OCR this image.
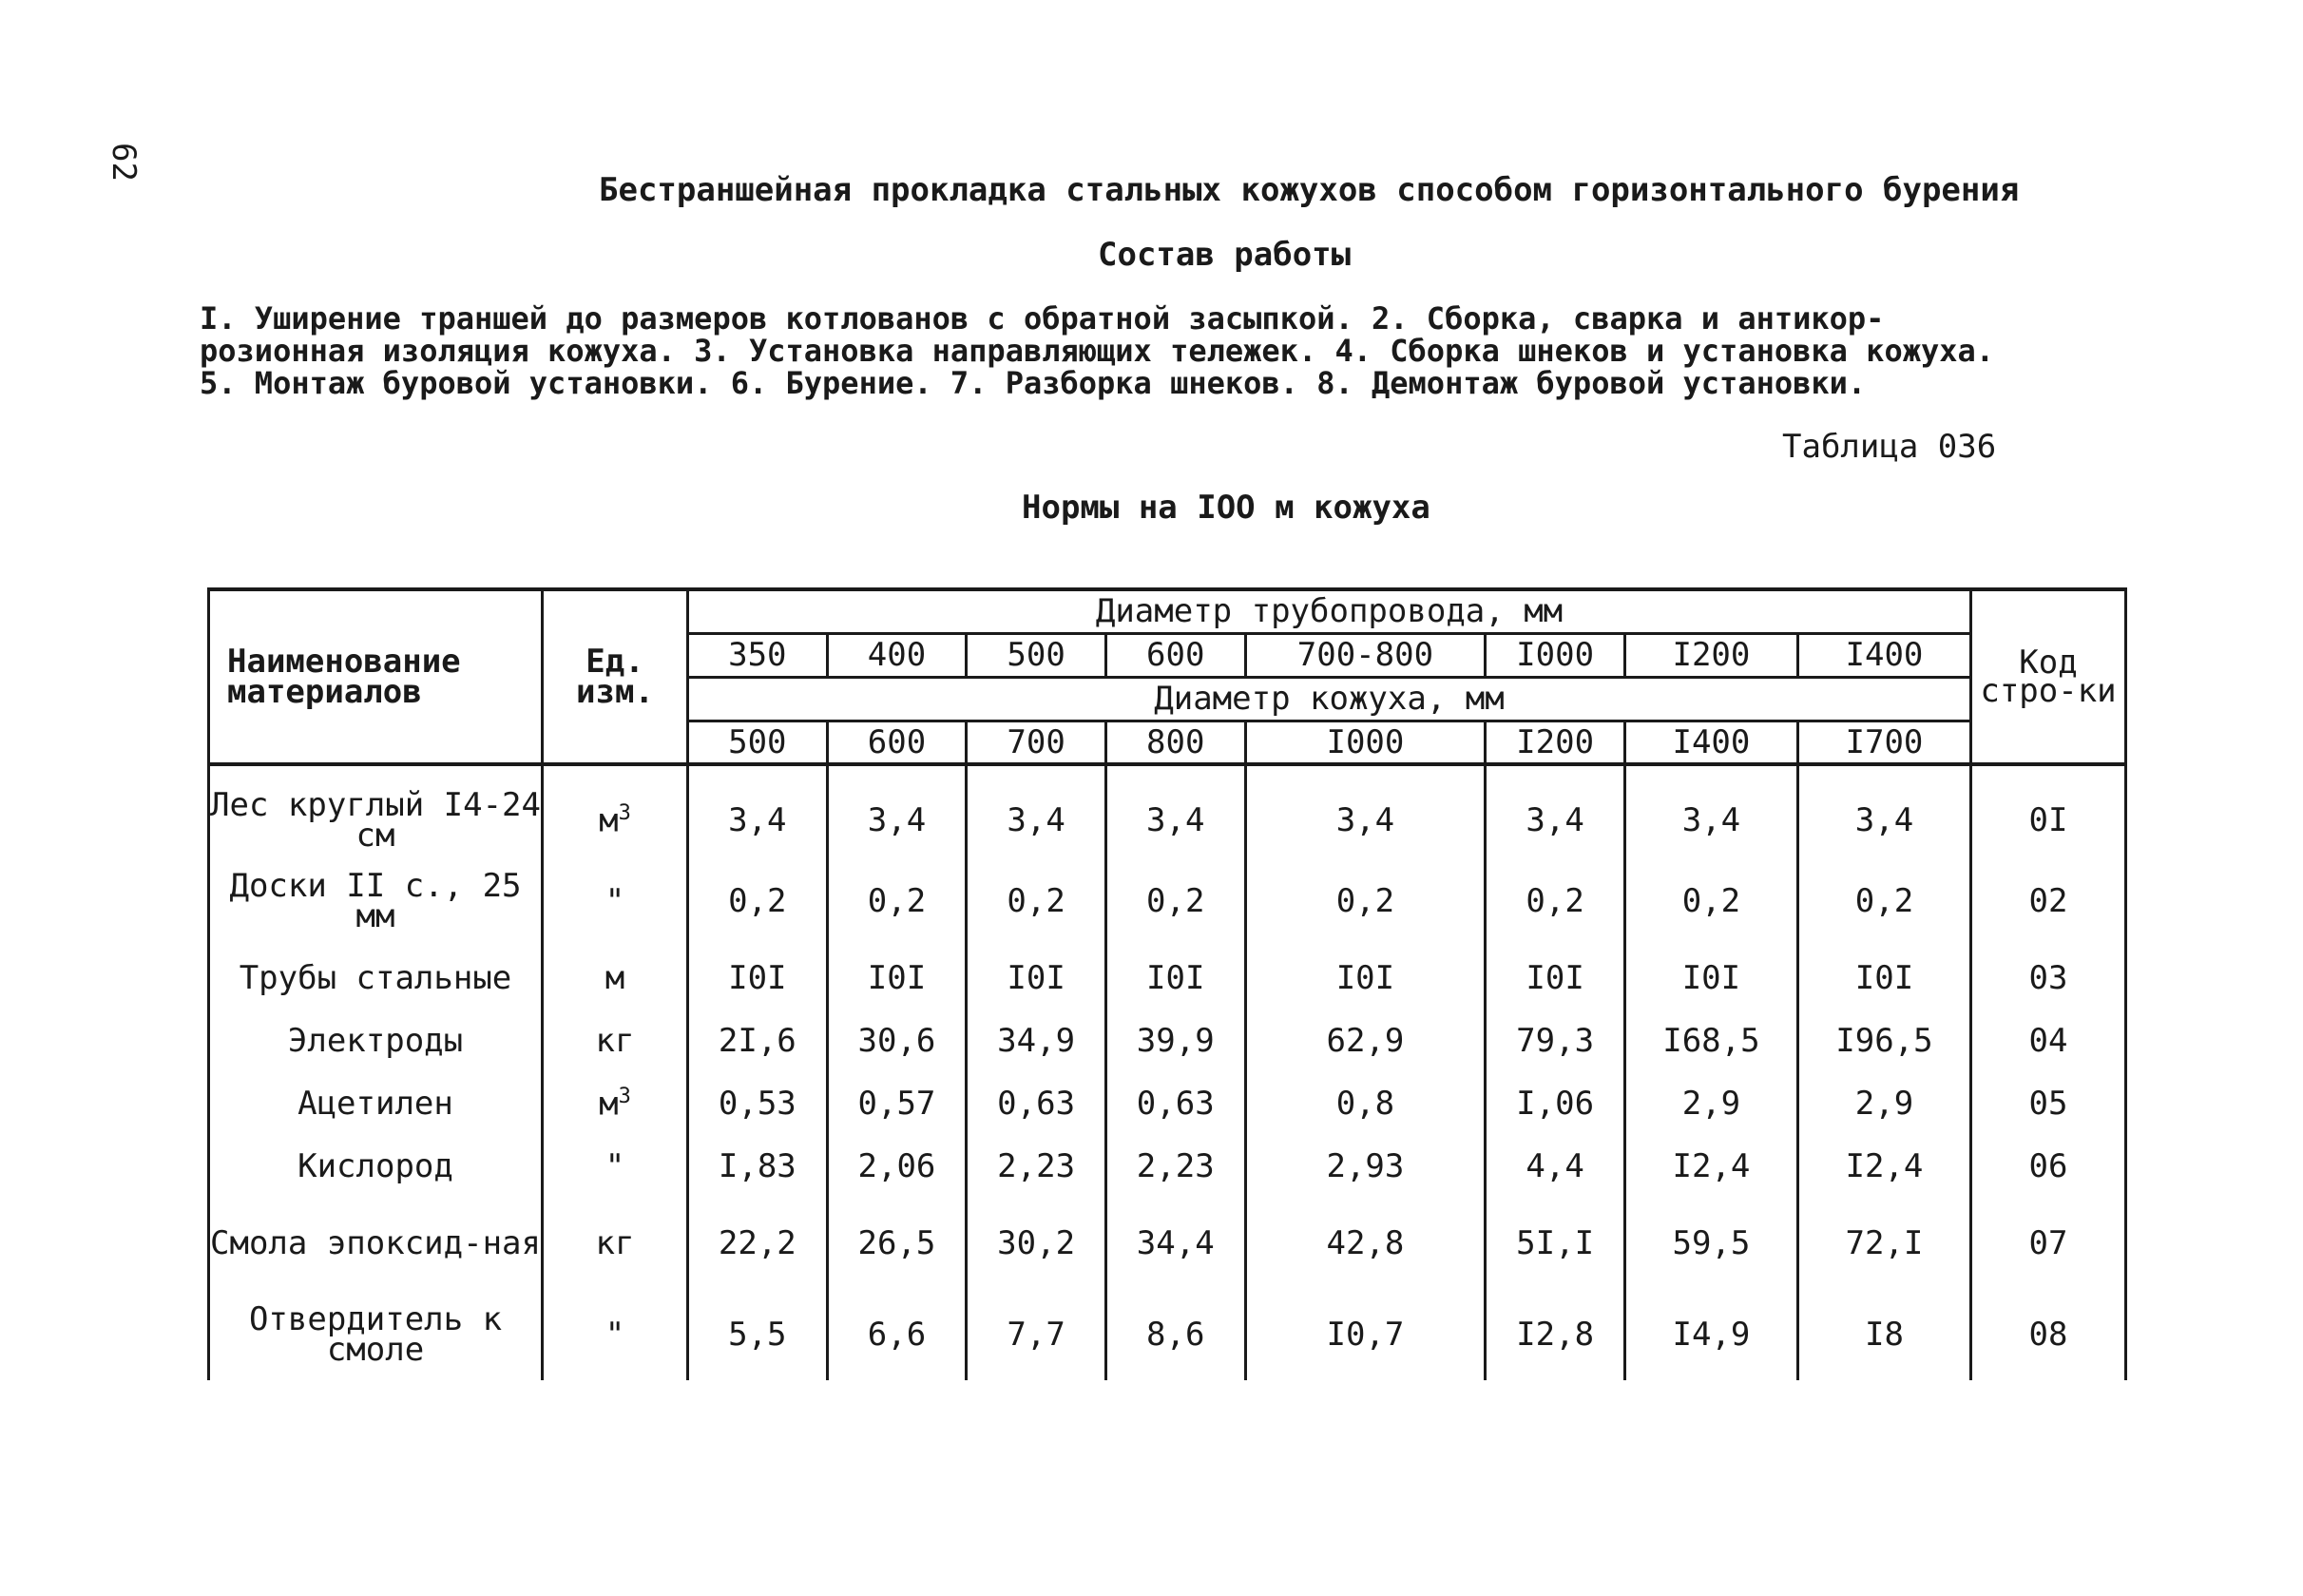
62
Бестраншейная прокладка стальных кожухов способом горизонтального бурения
Состав работы

I. Уширение траншей до размеров котлованов с обратной засыпкой. 2. Сборка, сварка и антикор-

розионная изоляция кожуха. 3. Установка направляющих тележек. 4. Сборка шнеков и установка кожуха.

5. Монтаж буровой установки. 6. Бурение. 7. Разборка шнеков. 8. Демонтаж буровой установки.

Таблица 036
Нормы на IOO м кожуха
Наименование материалов	Ед. изм.	Диаметр трубопровода, мм								Код стро-ки
		350	400	500	600	700-800	I000	I200	I400	
		Диаметр кожуха, мм								
		500	600	700	800	I000	I200	I400	I700	
Лес круглый I4-24 см	$м^3$	3,4	3,4	3,4	3,4	3,4	3,4	3,4	3,4	0I
Доски II с., 25 мм	"	0,2	0,2	0,2	0,2	0,2	0,2	0,2	0,2	02
Трубы стальные	м	I0I	I0I	I0I	I0I	I0I	I0I	I0I	I0I	03
Электроды	кг	2I,6	30,6	34,9	39,9	62,9	79,3	I68,5	I96,5	04
Ацетилен	$м^3$	0,53	0,57	0,63	0,63	0,8	I,06	2,9	2,9	05
Кислород	"	I,83	2,06	2,23	2,23	2,93	4,4	I2,4	I2,4	06
Смола эпоксид-ная	кг	22,2	26,5	30,2	34,4	42,8	5I,I	59,5	72,I	07
Отвердитель к смоле	"	5,5	6,6	7,7	8,6	I0,7	I2,8	I4,9	I8	08
